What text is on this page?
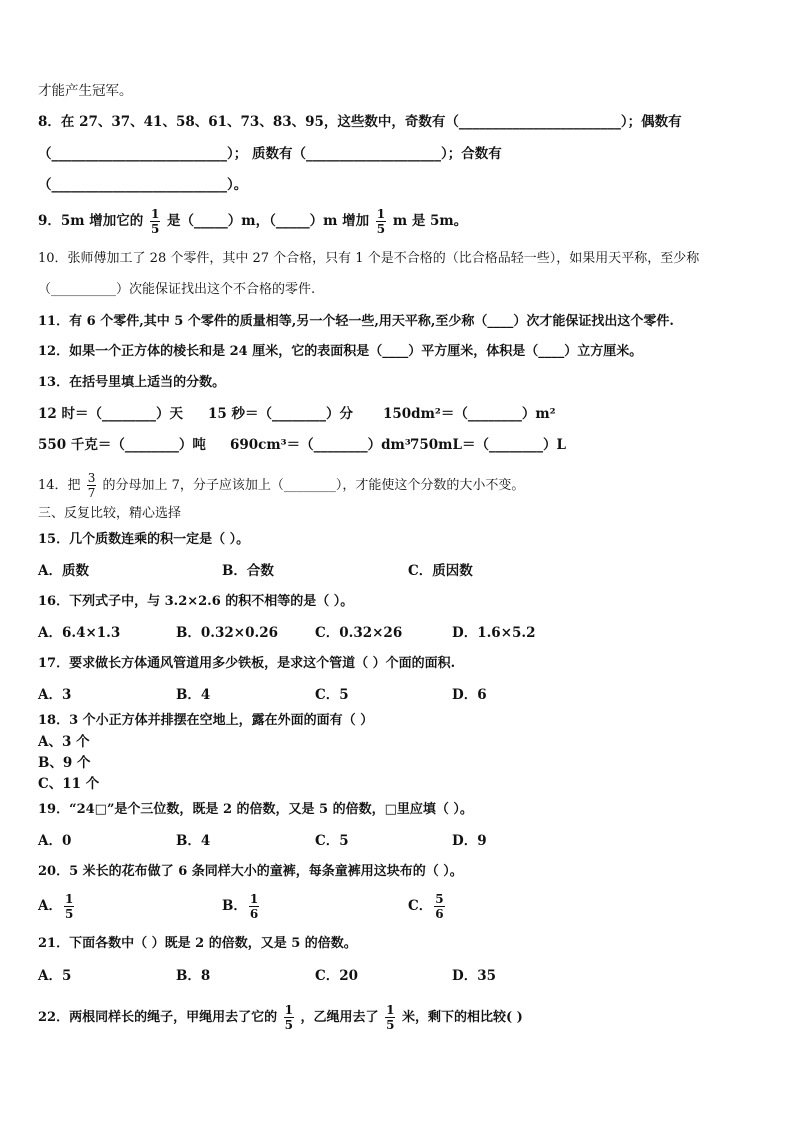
才能产生冠军。
8．在 27、37、41、58、61、73、83、95，这些数中，奇数有（________________________）；偶数有
（__________________________）； 质数有（____________________）；合数有
（__________________________）。
9．5m 增加它的 $\frac{1}{5}$ 是（_____）m，（_____）m 增加 $\frac{1}{5}$ m 是 5m。
10．张师傅加工了 28 个零件，其中 27 个合格，只有 1 个是不合格的（比合格品轻一些），如果用天平称，至少称
（__________）次能保证找出这个不合格的零件.
11．有 6 个零件,其中 5 个零件的质量相等,另一个轻一些,用天平称,至少称（____）次才能保证找出这个零件.
12．如果一个正方体的棱长和是 24 厘米，它的表面积是（____）平方厘米，体积是（____）立方厘米。
13．在括号里填上适当的分数。
12 时＝（________）天 15 秒＝（________）分 150dm²＝（________）m²
550 千克＝（________）吨 690cm³＝（________）dm³ 750mL＝（________）L
14．把 $\frac{3}{7}$ 的分母加上 7，分子应该加上（________），才能使这个分数的大小不变。
三、反复比较，精心选择
15．几个质数连乘的积一定是（ ）。
A．质数	B．合数	C．质因数
16．下列式子中，与 3.2×2.6 的积不相等的是（ ）。
A．6.4×1.3	B．0.32×0.26	C．0.32×26	D．1.6×5.2
17．要求做长方体通风管道用多少铁板，是求这个管道（ ）个面的面积.
A．3	B．4	C．5	D．6
18．3 个小正方体并排摆在空地上，露在外面的面有（ ）
A、3 个
B、9 个
C、11 个
19．“24□”是个三位数，既是 2 的倍数，又是 5 的倍数，□里应填（ ）。
A．0	B．4	C．5	D．9
20．5 米长的花布做了 6 条同样大小的童裤，每条童裤用这块布的（ ）。
A． $\frac{1}{5}$	B． $\frac{1}{6}$	C． $\frac{5}{6}$
21．下面各数中（ ）既是 2 的倍数，又是 5 的倍数。
A．5	B．8	C．20	D．35
22．两根同样长的绳子，甲绳用去了它的 $\frac{1}{5}$ ，乙绳用去了 $\frac{1}{5}$ 米，剩下的相比较( )
